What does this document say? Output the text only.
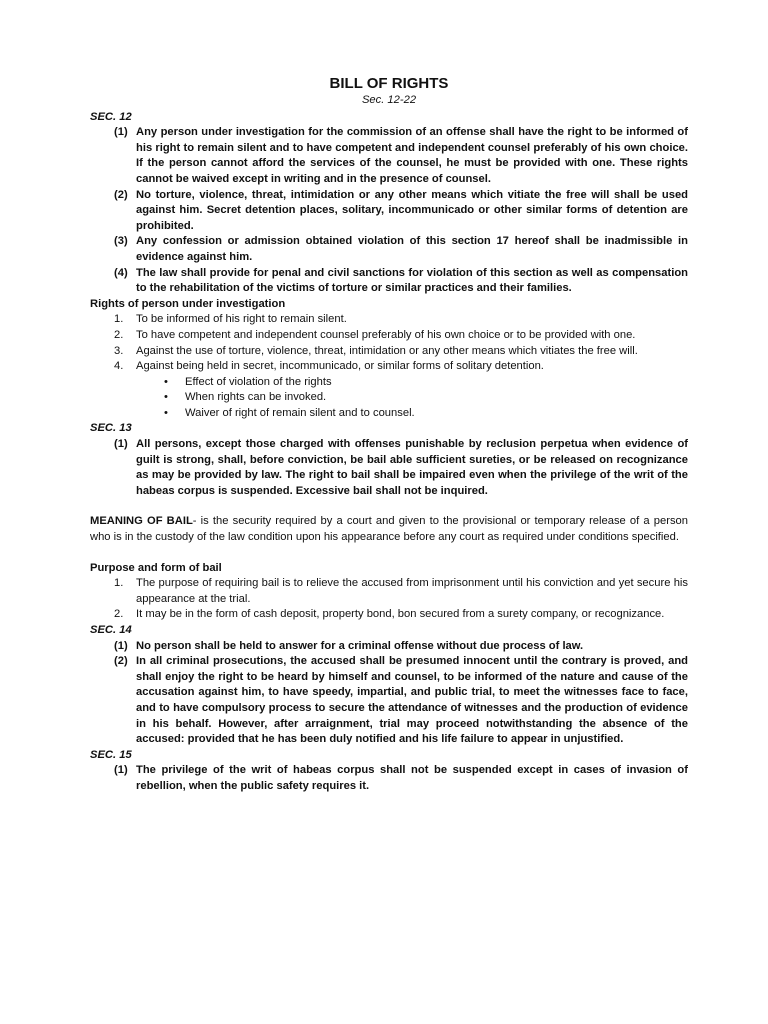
BILL OF RIGHTS
Sec. 12-22
SEC. 12
(1) Any person under investigation for the commission of an offense shall have the right to be informed of his right to remain silent and to have competent and independent counsel preferably of his own choice. If the person cannot afford the services of the counsel, he must be provided with one. These rights cannot be waived except in writing and in the presence of counsel.
(2) No torture, violence, threat, intimidation or any other means which vitiate the free will shall be used against him. Secret detention places, solitary, incommunicado or other similar forms of detention are prohibited.
(3) Any confession or admission obtained violation of this section 17 hereof shall be inadmissible in evidence against him.
(4) The law shall provide for penal and civil sanctions for violation of this section as well as compensation to the rehabilitation of the victims of torture or similar practices and their families.
Rights of person under investigation
1. To be informed of his right to remain silent.
2. To have competent and independent counsel preferably of his own choice or to be provided with one.
3. Against the use of torture, violence, threat, intimidation or any other means which vitiates the free will.
4. Against being held in secret, incommunicado, or similar forms of solitary detention.
• Effect of violation of the rights
• When rights can be invoked.
• Waiver of right of remain silent and to counsel.
SEC. 13
(1) All persons, except those charged with offenses punishable by reclusion perpetua when evidence of guilt is strong, shall, before conviction, be bail able sufficient sureties, or be released on recognizance as may be provided by law. The right to bail shall be impaired even when the privilege of the writ of the habeas corpus is suspended. Excessive bail shall not be inquired.
MEANING OF BAIL- is the security required by a court and given to the provisional or temporary release of a person who is in the custody of the law condition upon his appearance before any court as required under conditions specified.
Purpose and form of bail
1. The purpose of requiring bail is to relieve the accused from imprisonment until his conviction and yet secure his appearance at the trial.
2. It may be in the form of cash deposit, property bond, bon secured from a surety company, or recognizance.
SEC. 14
(1) No person shall be held to answer for a criminal offense without due process of law.
(2) In all criminal prosecutions, the accused shall be presumed innocent until the contrary is proved, and shall enjoy the right to be heard by himself and counsel, to be informed of the nature and cause of the accusation against him, to have speedy, impartial, and public trial, to meet the witnesses face to face, and to have compulsory process to secure the attendance of witnesses and the production of evidence in his behalf. However, after arraignment, trial may proceed notwithstanding the absence of the accused: provided that he has been duly notified and his life failure to appear in unjustified.
SEC. 15
(1) The privilege of the writ of habeas corpus shall not be suspended except in cases of invasion of rebellion, when the public safety requires it.
